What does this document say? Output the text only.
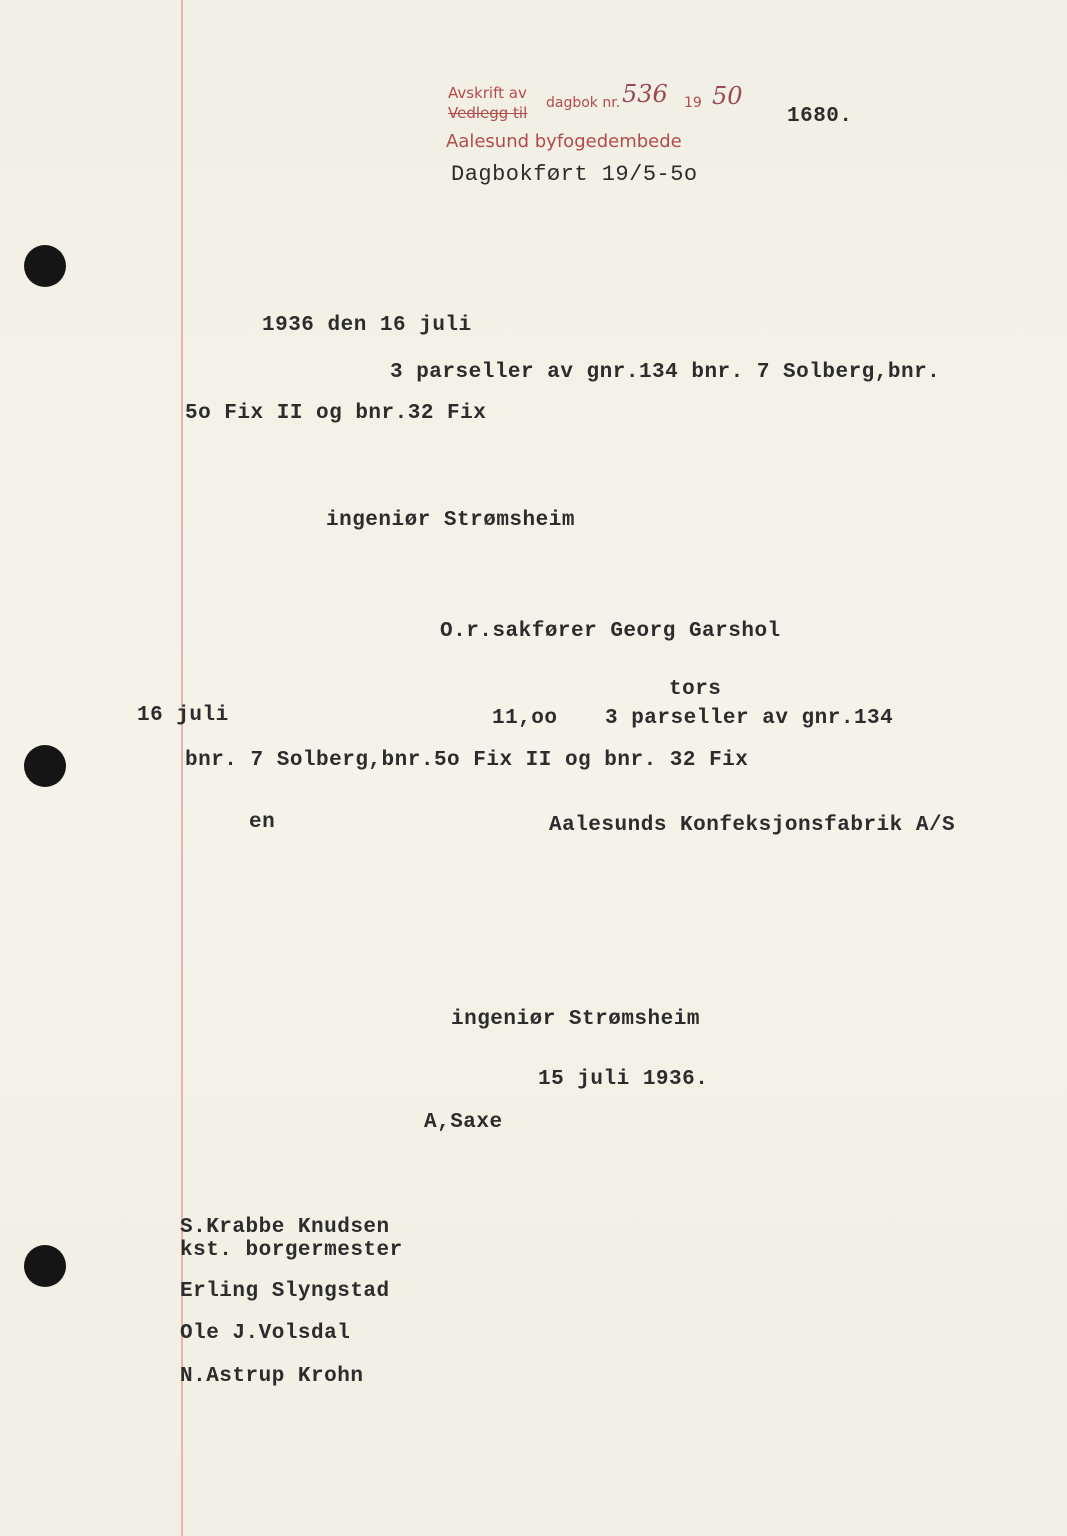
Avskrift av
Vedlegg til
dagbok nr. 536 19 50
1680.
Aalesund byfogedembede
Dagbokført 19/5-5o
1936 den 16 juli
3 parseller av gnr.134 bnr. 7 Solberg,bnr.
5o Fix II og bnr.32 Fix
ingeniør Strømsheim
O.r.sakfører Georg Garshol
tors
16 juli	11,oo 3 parseller av gnr.134
bnr. 7 Solberg,bnr.5o Fix II og bnr. 32 Fix
en	Aalesunds Konfeksjonsfabrik A/S
ingeniør Strømsheim
15 juli 1936.
A,Saxe
S.Krabbe Knudsen
kst. borgermester
Erling Slyngstad
Ole J.Volsdal
N.Astrup Krohn
